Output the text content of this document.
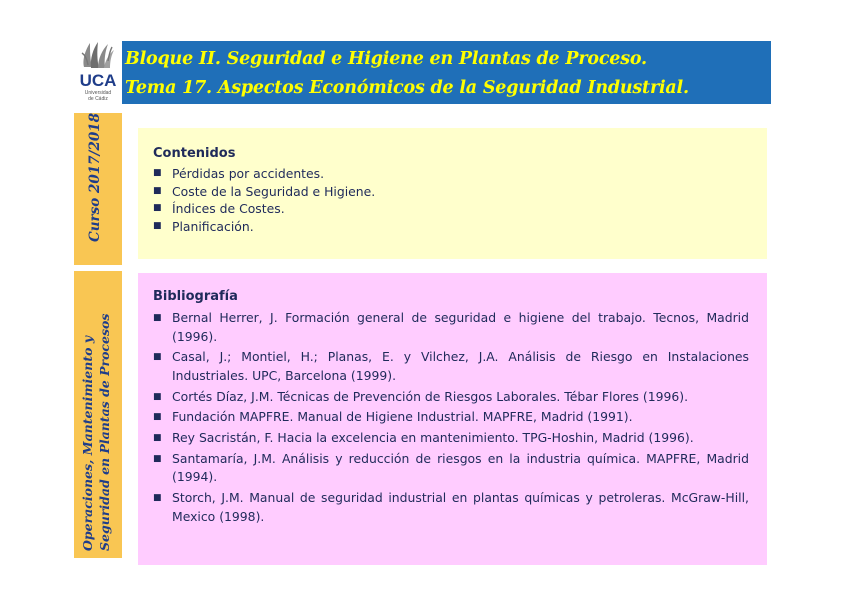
UCA
Universidad
de Cádiz
Bloque II. Seguridad e Higiene en Plantas de Proceso.
Tema 17. Aspectos Económicos de la Seguridad Industrial.
Curso 2017/2018
Operaciones, Mantenimiento y Seguridad en Plantas de Procesos
Contenidos
■ Pérdidas por accidentes.
■ Coste de la Seguridad e Higiene.
■ Índices de Costes.
■ Planificación.
Bibliografía
■ Bernal Herrer, J. Formación general de seguridad e higiene del trabajo. Tecnos, Madrid (1996).
■ Casal, J.; Montiel, H.; Planas, E. y Vilchez, J.A. Análisis de Riesgo en Instalaciones Industriales. UPC, Barcelona (1999).
■ Cortés Díaz, J.M. Técnicas de Prevención de Riesgos Laborales. Tébar Flores (1996).
■ Fundación MAPFRE. Manual de Higiene Industrial. MAPFRE, Madrid (1991).
■ Rey Sacristán, F. Hacia la excelencia en mantenimiento. TPG-Hoshin, Madrid (1996).
■ Santamaría, J.M. Análisis y reducción de riesgos en la industria química. MAPFRE, Madrid (1994).
■ Storch, J.M. Manual de seguridad industrial en plantas químicas y petroleras. McGraw-Hill, Mexico (1998).
